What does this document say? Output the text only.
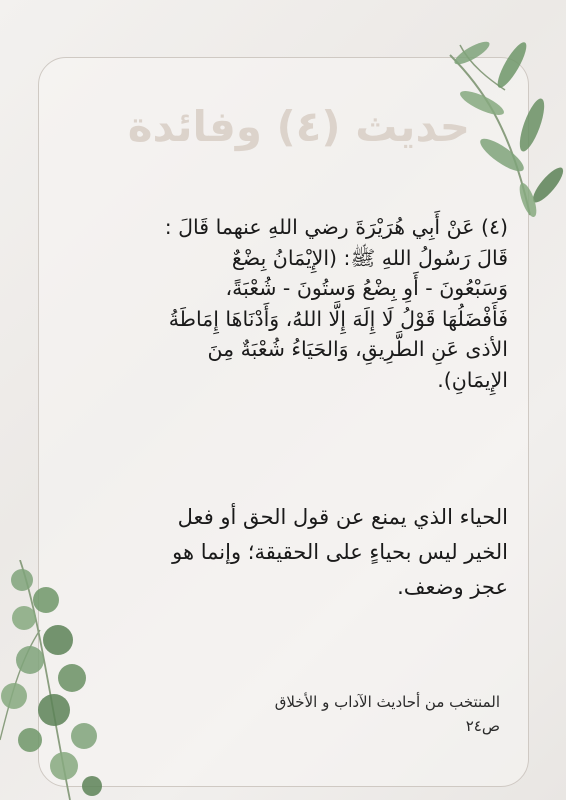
حديث (٤) وفائدة

(٤) عَنْ أَبِي هُرَيْرَةَ رضي اللهِ عنهما قَالَ :

قَالَ رَسُولُ اللهِ ﷺ: (الإِيْمَانُ بِضْعٌ

وَسَبْعُونَ - أَوِ بِضْعُ وَستُونَ - شُعْبَةً،

فَأَفْضَلُهَا قَوْلُ لَا إِلَهَ إِلَّا اللهُ، وَأَدْنَاهَا إِمَاطَةُ

الأذى عَنِ الطَّرِيقِ، وَالحَيَاءُ شُعْبَةٌ مِنَ

الإِيمَانِ).

الحياء الذي يمنع عن قول الحق أو فعل

الخير ليس بحياءٍ على الحقيقة؛ وإنما هو

عجز وضعف.

المنتخب من أحاديث الآداب و الأخلاق
ص٢٤
